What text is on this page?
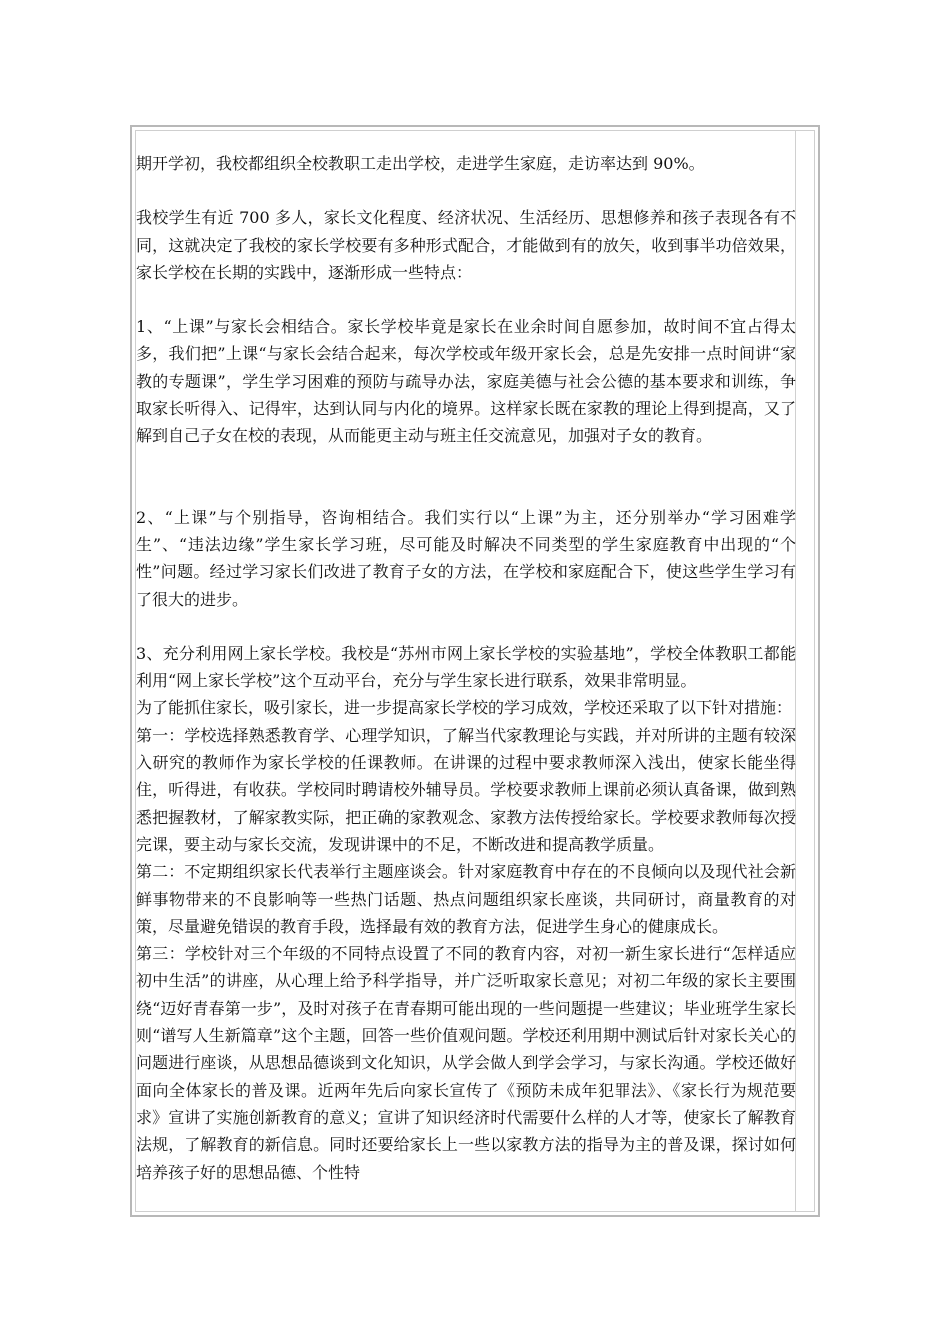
期开学初，我校都组织全校教职工走出学校，走进学生家庭，走访率达到 90%。

我校学生有近 700 多人，家长文化程度、经济状况、生活经历、思想修养和孩子表现各有不同，这就决定了我校的家长学校要有多种形式配合，才能做到有的放矢，收到事半功倍效果，家长学校在长期的实践中，逐渐形成一些特点：

1、“上课”与家长会相结合。家长学校毕竟是家长在业余时间自愿参加，故时间不宜占得太多，我们把”上课“与家长会结合起来，每次学校或年级开家长会，总是先安排一点时间讲“家教的专题课”，学生学习困难的预防与疏导办法，家庭美德与社会公德的基本要求和训练，争取家长听得入、记得牢，达到认同与内化的境界。这样家长既在家教的理论上得到提高，又了解到自己子女在校的表现，从而能更主动与班主任交流意见，加强对子女的教育。

2、“上课”与个别指导，咨询相结合。我们实行以“上课”为主，还分别举办“学习困难学生”、“违法边缘”学生家长学习班，尽可能及时解决不同类型的学生家庭教育中出现的“个性”问题。经过学习家长们改进了教育子女的方法，在学校和家庭配合下，使这些学生学习有了很大的进步。

3、充分利用网上家长学校。我校是“苏州市网上家长学校的实验基地”，学校全体教职工都能利用“网上家长学校”这个互动平台，充分与学生家长进行联系，效果非常明显。

为了能抓住家长，吸引家长，进一步提高家长学校的学习成效，学校还采取了以下针对措施：

第一：学校选择熟悉教育学、心理学知识，了解当代家教理论与实践，并对所讲的主题有较深入研究的教师作为家长学校的任课教师。在讲课的过程中要求教师深入浅出，使家长能坐得住，听得进，有收获。学校同时聘请校外辅导员。学校要求教师上课前必须认真备课，做到熟悉把握教材，了解家教实际，把正确的家教观念、家教方法传授给家长。学校要求教师每次授完课，要主动与家长交流，发现讲课中的不足，不断改进和提高教学质量。

第二：不定期组织家长代表举行主题座谈会。针对家庭教育中存在的不良倾向以及现代社会新鲜事物带来的不良影响等一些热门话题、热点问题组织家长座谈，共同研讨，商量教育的对策，尽量避免错误的教育手段，选择最有效的教育方法，促进学生身心的健康成长。

第三：学校针对三个年级的不同特点设置了不同的教育内容，对初一新生家长进行“怎样适应初中生活”的讲座，从心理上给予科学指导，并广泛听取家长意见；对初二年级的家长主要围绕“迈好青春第一步”，及时对孩子在青春期可能出现的一些问题提一些建议；毕业班学生家长则“谱写人生新篇章”这个主题，回答一些价值观问题。学校还利用期中测试后针对家长关心的问题进行座谈，从思想品德谈到文化知识，从学会做人到学会学习，与家长沟通。学校还做好面向全体家长的普及课。近两年先后向家长宣传了《预防未成年犯罪法》、《家长行为规范要求》宣讲了实施创新教育的意义；宣讲了知识经济时代需要什么样的人才等，使家长了解教育法规，了解教育的新信息。同时还要给家长上一些以家教方法的指导为主的普及课，探讨如何培养孩子好的思想品德、个性特
